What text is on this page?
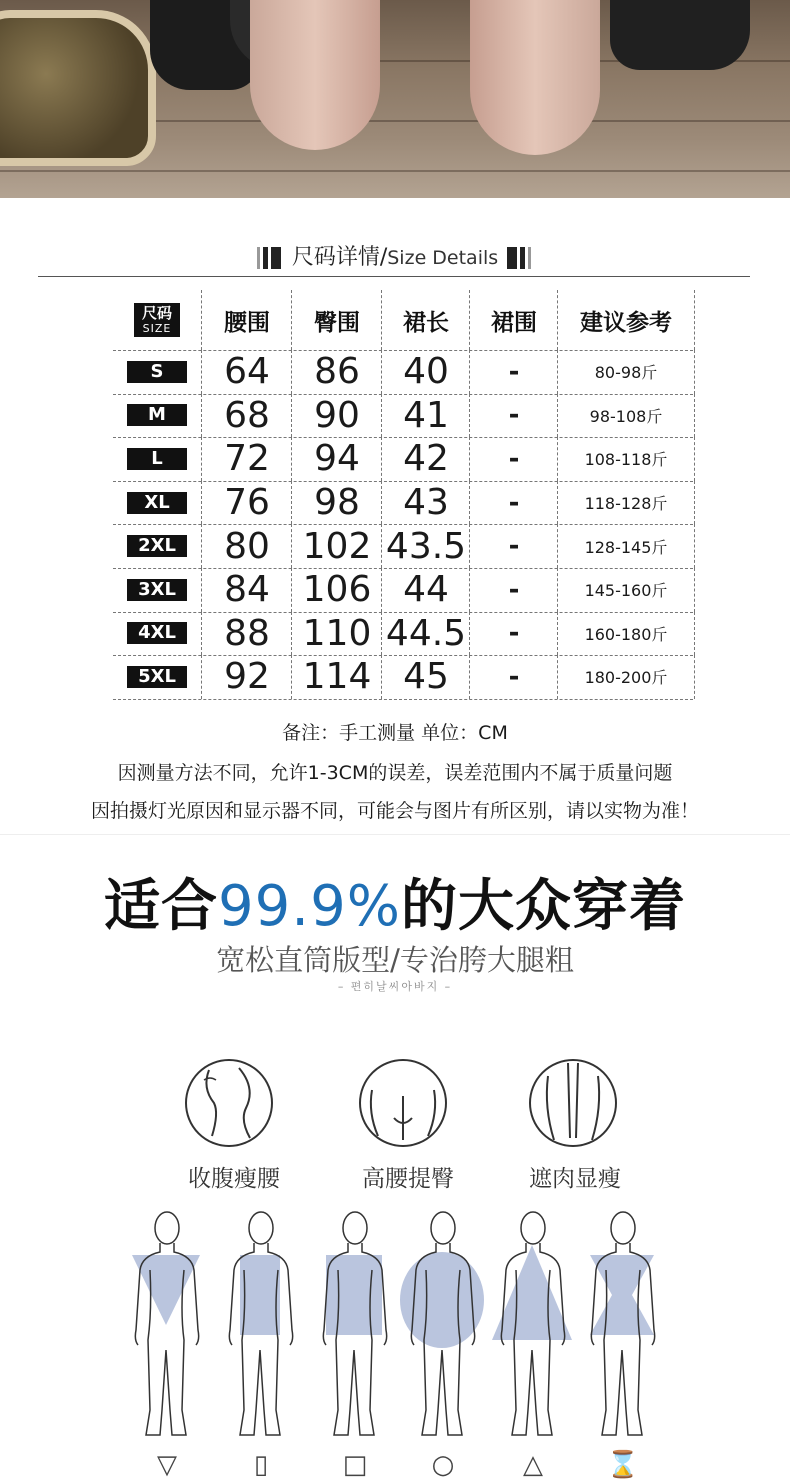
尺码详情/Size Details
尺码
SIZE	腰围	臀围	裙长	裙围	建议参考
S	64 86 40 -	80-98斤
M	68 90 41 -	98-108斤
L	72 94 42 -	108-118斤
XL	76 98 43 -	118-128斤
2XL	80 102 43.5 -	128-145斤
3XL	84 106 44 -	145-160斤
4XL	88 110 44.5 -	160-180斤
5XL	92 114 45 -	180-200斤
备注：手工测量 单位：CM
因测量方法不同，允许1-3CM的误差，误差范围内不属于质量问题
因拍摄灯光原因和显示器不同，可能会与图片有所区别，请以实物为准！
适合99.9%的大众穿着
宽松直筒版型/专治胯大腿粗
– 편히날씨아바지 –
收腹瘦腰	高腰提臀	遮肉显瘦
▽	▯	□	○	△	⌛
